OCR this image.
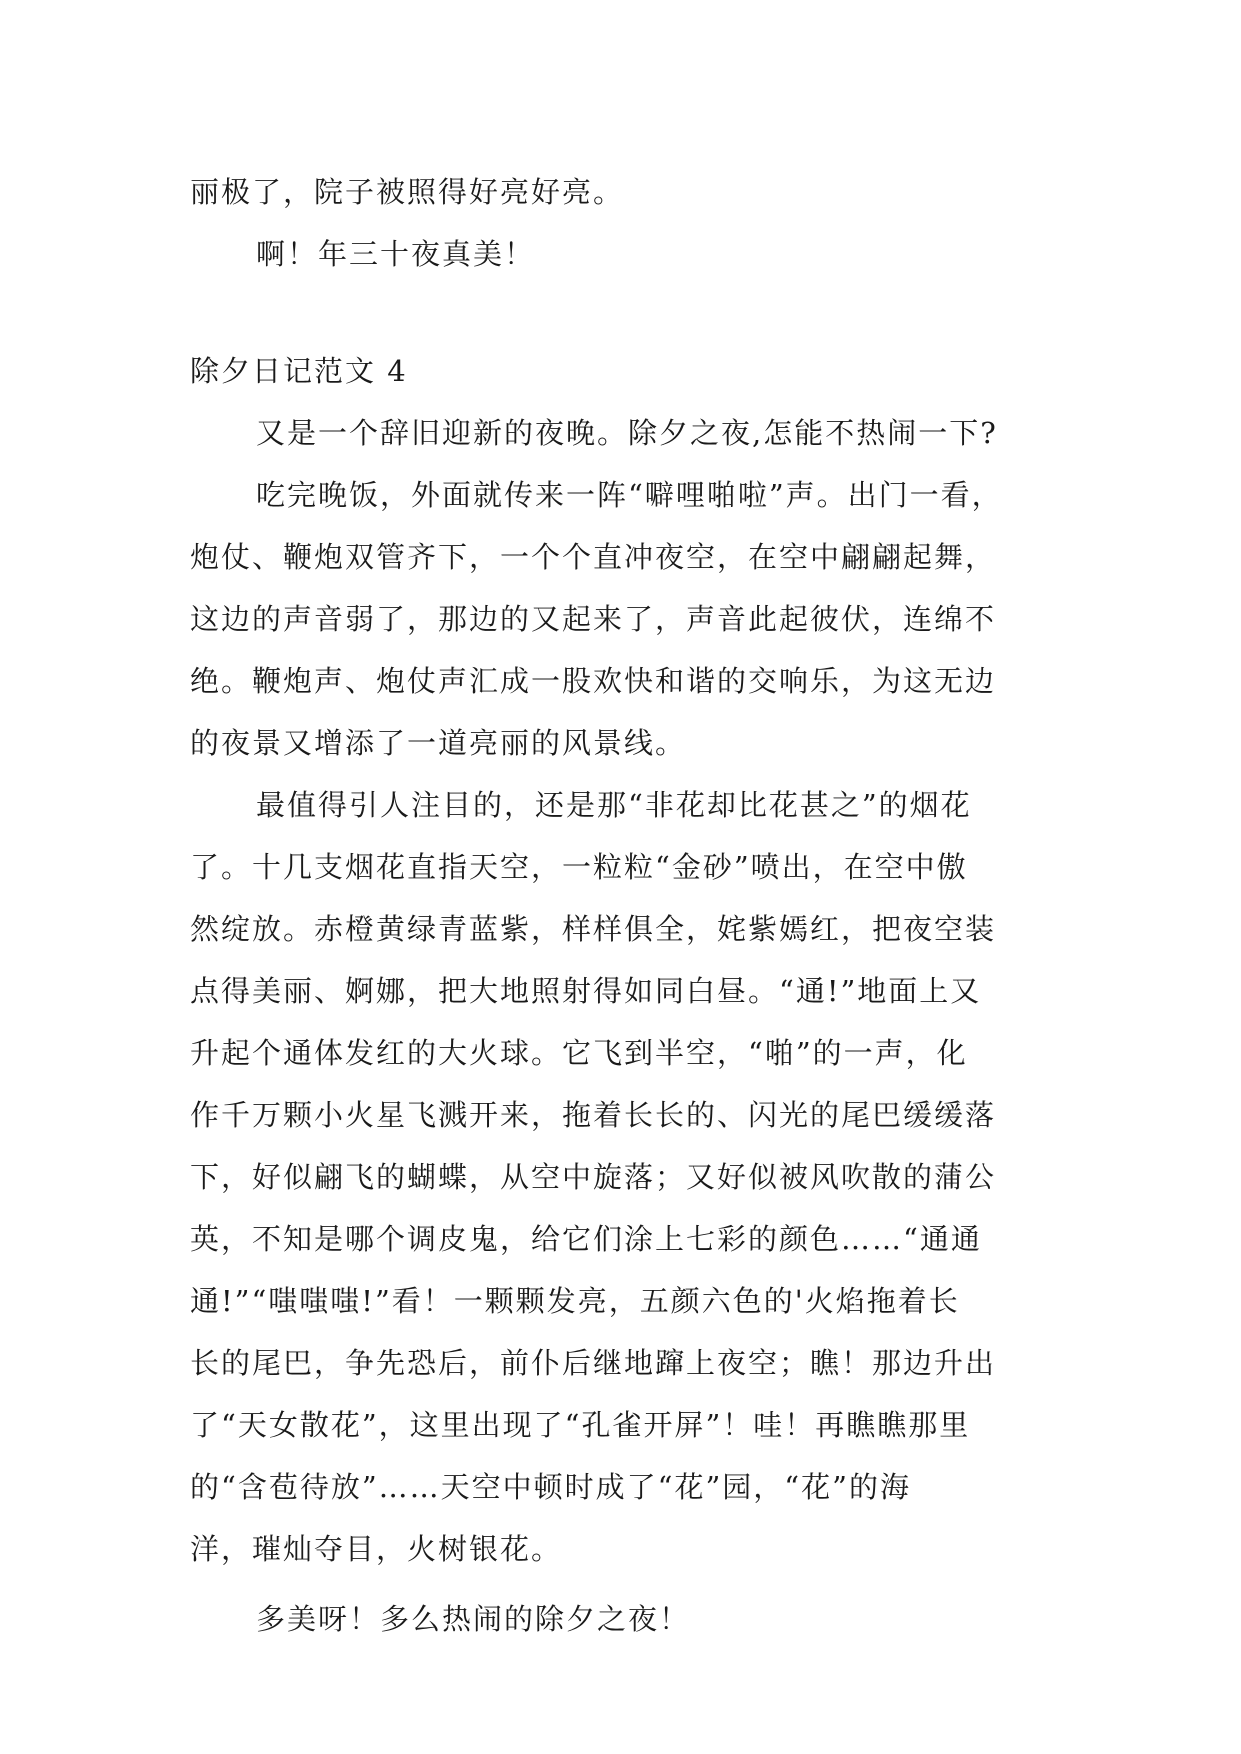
丽极了，院子被照得好亮好亮。
啊！年三十夜真美！
除夕日记范文 4
又是一个辞旧迎新的夜晚。除夕之夜,怎能不热闹一下?
吃完晚饭，外面就传来一阵“噼哩啪啦”声。出门一看，
炮仗、鞭炮双管齐下，一个个直冲夜空，在空中翩翩起舞，
这边的声音弱了，那边的又起来了，声音此起彼伏，连绵不
绝。鞭炮声、炮仗声汇成一股欢快和谐的交响乐，为这无边
的夜景又增添了一道亮丽的风景线。
最值得引人注目的，还是那“非花却比花甚之”的烟花
了。十几支烟花直指天空，一粒粒“金砂”喷出，在空中傲
然绽放。赤橙黄绿青蓝紫，样样俱全，姹紫嫣红，把夜空装
点得美丽、婀娜，把大地照射得如同白昼。“通!”地面上又
升起个通体发红的大火球。它飞到半空，“啪”的一声，化
作千万颗小火星飞溅开来，拖着长长的、闪光的尾巴缓缓落
下，好似翩飞的蝴蝶，从空中旋落；又好似被风吹散的蒲公
英，不知是哪个调皮鬼，给它们涂上七彩的颜色……“通通
通!”“嗤嗤嗤!”看！一颗颗发亮，五颜六色的'火焰拖着长
长的尾巴，争先恐后，前仆后继地蹿上夜空；瞧！那边升出
了“天女散花”，这里出现了“孔雀开屏”！哇！再瞧瞧那里
的“含苞待放”……天空中顿时成了“花”园，“花”的海
洋，璀灿夺目，火树银花。
多美呀！多么热闹的除夕之夜！
